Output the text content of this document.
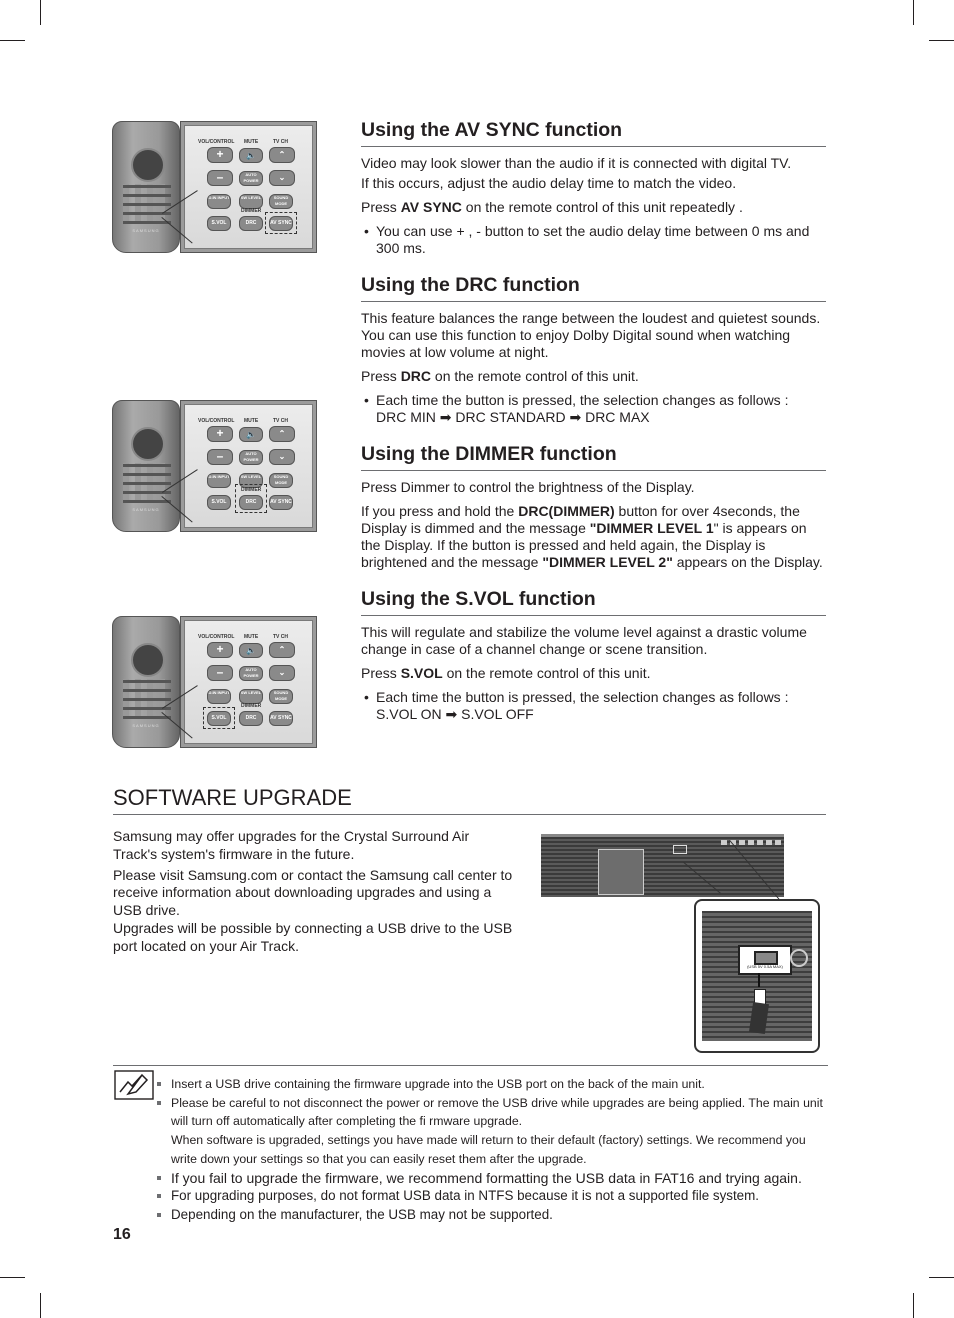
SAMSUNG
VOL/CONTROL MUTE	TV CH
+	🔈	⌃
–	AUTO POWER	⌄
D.IN INPUT	SW LEVEL	SOUND MODE
DIMMER
S.VOL	DRC	AV SYNC
SAMSUNG
VOL/CONTROL MUTE	TV CH
+	🔈	⌃
–	AUTO POWER	⌄
D.IN INPUT	SW LEVEL	SOUND MODE
DIMMER
S.VOL	DRC	AV SYNC
SAMSUNG
VOL/CONTROL MUTE	TV CH
+	🔈	⌃
–	AUTO POWER	⌄
D.IN INPUT	SW LEVEL	SOUND MODE
DIMMER
S.VOL	DRC	AV SYNC
Using the AV SYNC function

Video may look slower than the audio if it is connected with digital TV.

If this occurs, adjust the audio delay time to match the video.

Press AV SYNC on the remote control of this unit repeatedly .

• You can use + , - button to set the audio delay time between 0 ms and 300 ms.
Using the DRC function

This feature balances the range between the loudest and quietest sounds. You can use this function to enjoy Dolby Digital sound when watching movies at low volume at night.

Press DRC on the remote control of this unit.

• Each time the button is pressed, the selection changes as follows :
DRC MIN ➡ DRC STANDARD ➡ DRC MAX
Using the DIMMER function

Press Dimmer to control the brightness of the Display.

If you press and hold the DRC(DIMMER) button for over 4seconds, the Display is dimmed and the message "DIMMER LEVEL 1" is appears on the Display. If the button is pressed and held again, the Display is brightened and the message "DIMMER LEVEL 2" appears on the Display.

Using the S.VOL function

This will regulate and stabilize the volume level against a drastic volume change in case of a channel change or scene transition.

Press S.VOL on the remote control of this unit.

• Each time the button is pressed, the selection changes as follows :
S.VOL ON ➡ S.VOL OFF
SOFTWARE UPGRADE

Samsung may offer upgrades for the Crystal Surround Air Track's system's firmware in the future.

Please visit Samsung.com or contact the Samsung call center to receive information about downloading upgrades and using a USB drive.

Upgrades will be possible by connecting a USB drive to the USB port located on your Air Track.

(USB 5V 0.5A MAX)
Insert a USB drive containing the firmware upgrade into the USB port on the back of the main unit.
Please be careful to not disconnect the power or remove the USB drive while upgrades are being applied. The main unit will turn off automatically after completing the fi rmware upgrade.
When software is upgraded, settings you have made will return to their default (factory) settings. We recommend you write down your settings so that you can easily reset them after the upgrade.
If you fail to upgrade the firmware, we recommend formatting the USB data in FAT16 and trying again.
For upgrading purposes, do not format USB data in NTFS because it is not a supported file system.
Depending on the manufacturer, the USB may not be supported.
16
